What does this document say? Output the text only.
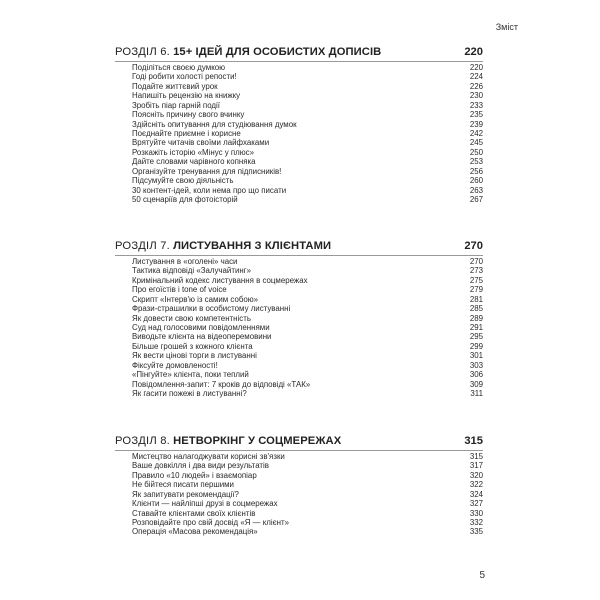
Зміст
РОЗДІЛ 6. 15+ ІДЕЙ ДЛЯ ОСОБИСТИХ ДОПИСІВ	220
Поділіться своєю думкою	220
Годі робити холості репости!	224
Подайте життєвий урок	226
Напишіть рецензію на книжку	230
Зробіть піар гарній події	233
Поясніть причину свого вчинку	235
Здійсніть опитування для студіювання думок	239
Поєднайте приємне і корисне	242
Врятуйте читачів своїми лайфхаками	245
Розкажіть історію «Мінус у плюс»	250
Дайте словами чарівного копняка	253
Організуйте тренування для підписників!	256
Підсумуйте свою діяльність	260
30 контент-ідей, коли нема про що писати	263
50 сценаріїв для фотоісторій	267
РОЗДІЛ 7. ЛИСТУВАННЯ З КЛІЄНТАМИ	270
Листування в «оголені» часи	270
Тактика відповіді «Залучайтинг»	273
Кримінальний кодекс листування в соцмережах	275
Про егоїстів і tone of voice	279
Скрипт «Інтерв'ю із самим собою»	281
Фрази-страшилки в особистому листуванні	285
Як довести свою компетентність	289
Суд над голосовими повідомленнями	291
Виводьте клієнта на відеоперемовини	295
Більше грошей з кожного клієнта	299
Як вести цінові торги в листуванні	301
Фіксуйте домовленості!	303
«Пінгуйте» клієнта, поки теплий	306
Повідомлення-запит: 7 кроків до відповіді «ТАК»	309
Як гасити пожежі в листуванні?	311
РОЗДІЛ 8. НЕТВОРКІНГ У СОЦМЕРЕЖАХ	315
Мистецтво налагоджувати корисні зв'язки	315
Ваше довкілля і два види результатів	317
Правило «10 людей» і взаємопіар	320
Не бійтеся писати першими	322
Як запитувати рекомендації?	324
Клієнти — найліпші друзі в соцмережах	327
Ставайте клієнтами своїх клієнтів	330
Розповідайте про свій досвід «Я — клієнт»	332
Операція «Масова рекомендація»	335
5
